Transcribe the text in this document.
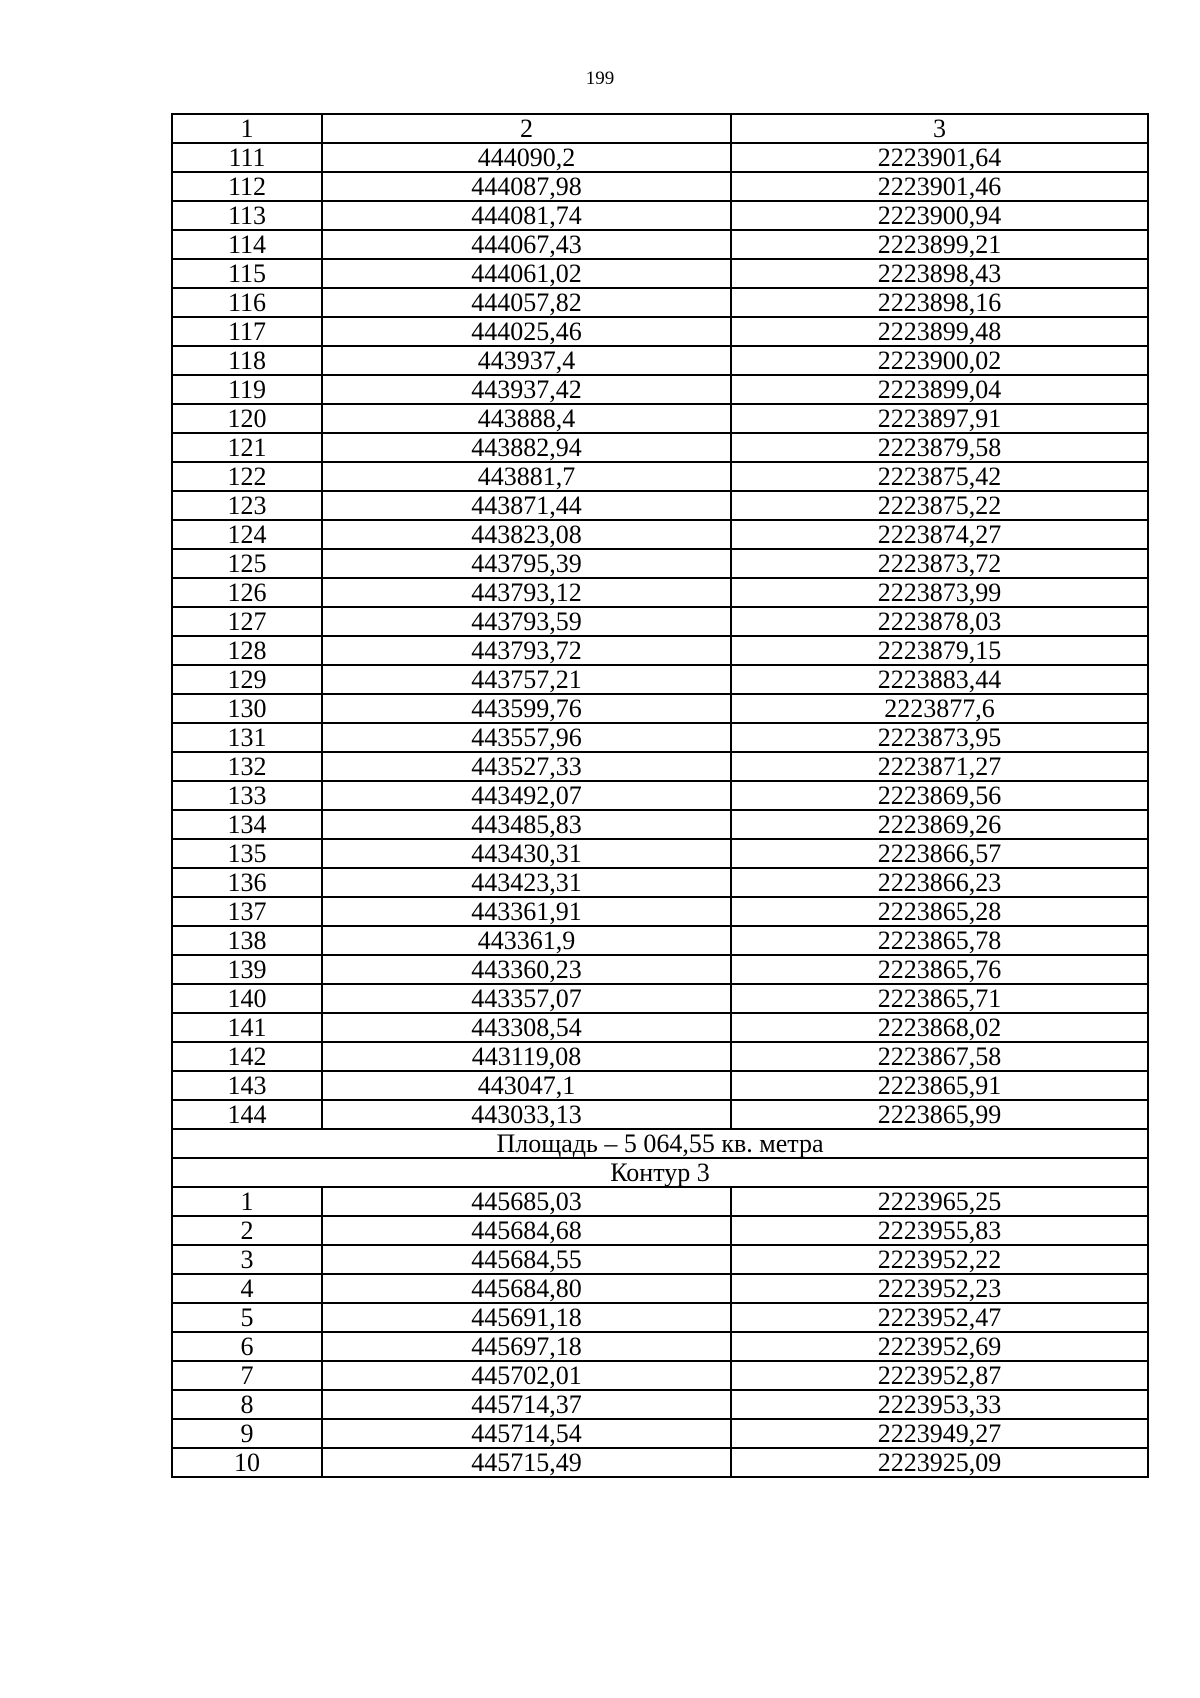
199
1	2	3
111	444090,2	2223901,64
112	444087,98	2223901,46
113	444081,74	2223900,94
114	444067,43	2223899,21
115	444061,02	2223898,43
116	444057,82	2223898,16
117	444025,46	2223899,48
118	443937,4	2223900,02
119	443937,42	2223899,04
120	443888,4	2223897,91
121	443882,94	2223879,58
122	443881,7	2223875,42
123	443871,44	2223875,22
124	443823,08	2223874,27
125	443795,39	2223873,72
126	443793,12	2223873,99
127	443793,59	2223878,03
128	443793,72	2223879,15
129	443757,21	2223883,44
130	443599,76	2223877,6
131	443557,96	2223873,95
132	443527,33	2223871,27
133	443492,07	2223869,56
134	443485,83	2223869,26
135	443430,31	2223866,57
136	443423,31	2223866,23
137	443361,91	2223865,28
138	443361,9	2223865,78
139	443360,23	2223865,76
140	443357,07	2223865,71
141	443308,54	2223868,02
142	443119,08	2223867,58
143	443047,1	2223865,91
144	443033,13	2223865,99
Площадь – 5 064,55 кв. метра		
Контур 3		
1	445685,03	2223965,25
2	445684,68	2223955,83
3	445684,55	2223952,22
4	445684,80	2223952,23
5	445691,18	2223952,47
6	445697,18	2223952,69
7	445702,01	2223952,87
8	445714,37	2223953,33
9	445714,54	2223949,27
10	445715,49	2223925,09
